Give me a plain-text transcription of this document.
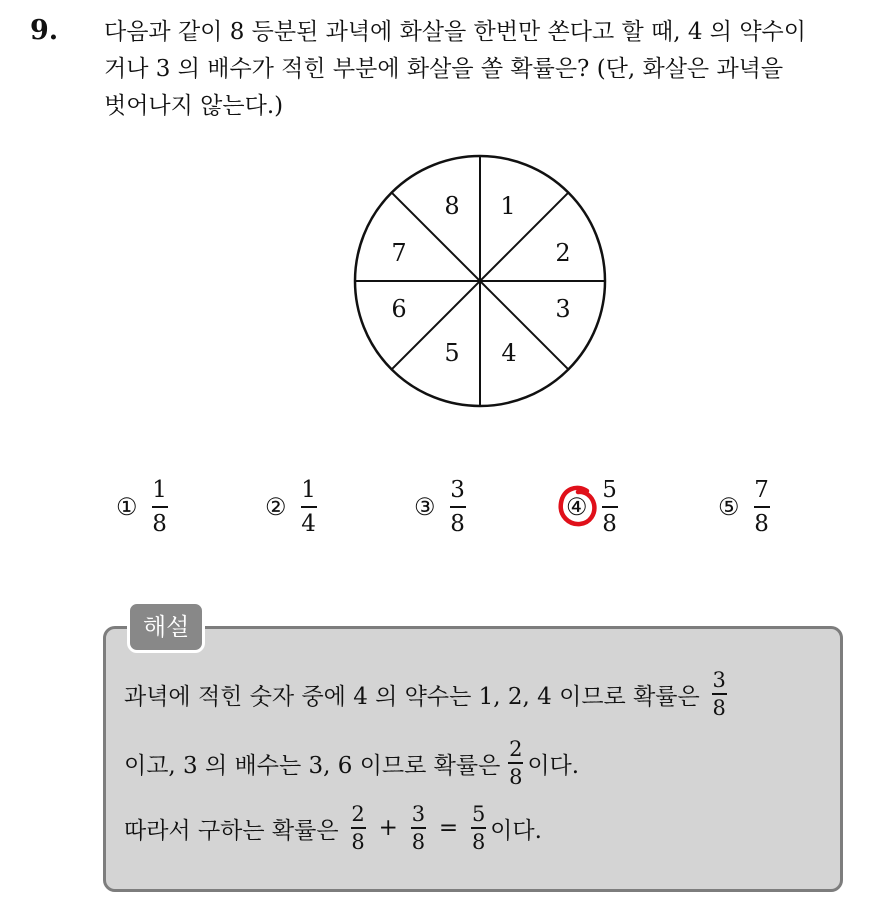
9. 다음과 같이 8 등분된 과녁에 화살을 한번만 쏜다고 할 때, 4 의 약수이
거나 3 의 배수가 적힌 부분에 화살을 쏠 확률은? (단, 화살은 과녁을
벗어나지 않는다.)
1
2
3
4
5
6
7
8
① $\frac{1}{8}$	② $\frac{1}{4}$	③ $\frac{3}{8}$	④ $\frac{5}{8}$	⑤ $\frac{7}{8}$
해설
과녁에 적힌 숫자 중에 4 의 약수는 1, 2, 4 이므로 확률은 $\frac{3}{8}$
이고, 3 의 배수는 3, 6 이므로 확률은 $\frac{2}{8}$ 이다.
따라서 구하는 확률은 $\frac{2}{8} + \frac{3}{8} = \frac{5}{8}$ 이다.
